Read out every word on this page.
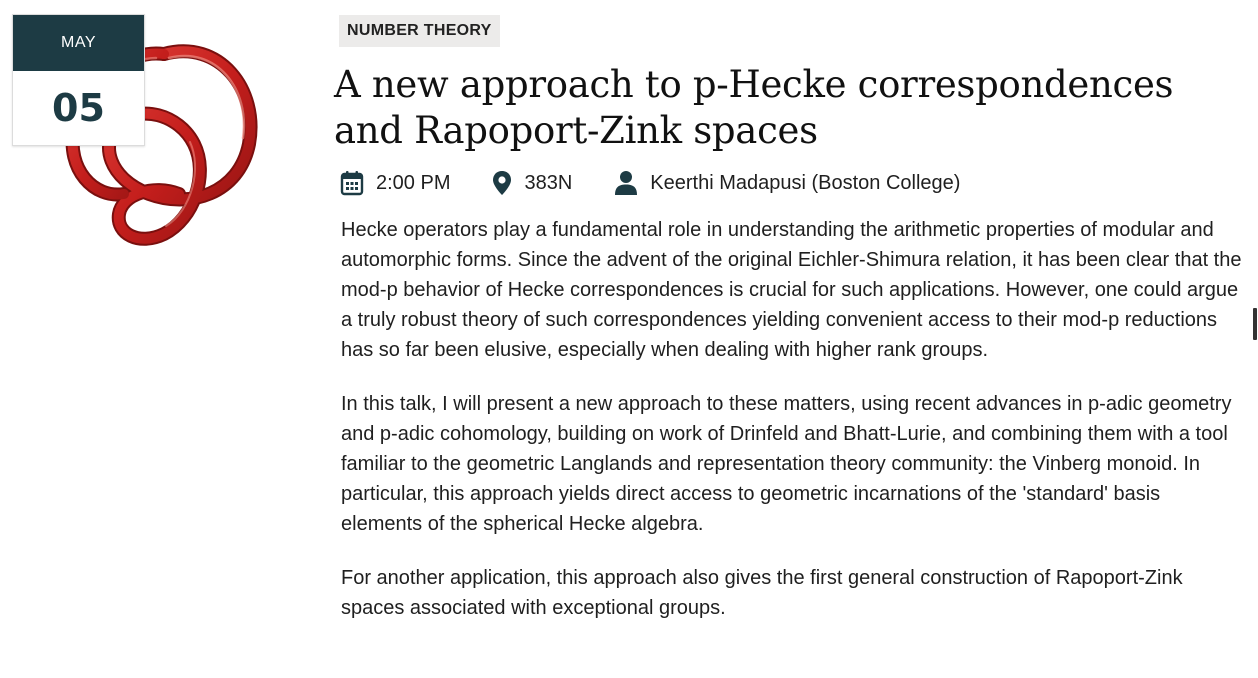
MAY
05
NUMBER THEORY
A new approach to p-Hecke correspondences and Rapoport-Zink spaces
2:00 PM	383N	Keerthi Madapusi (Boston College)

Hecke operators play a fundamental role in understanding the arithmetic properties of modular and automorphic forms. Since the advent of the original Eichler-Shimura relation, it has been clear that the mod-p behavior of Hecke correspondences is crucial for such applications. However, one could argue a truly robust theory of such correspondences yielding convenient access to their mod-p reductions has so far been elusive, especially when dealing with higher rank groups.

In this talk, I will present a new approach to these matters, using recent advances in p-adic geometry and p-adic cohomology, building on work of Drinfeld and Bhatt-Lurie, and combining them with a tool familiar to the geometric Langlands and representation theory community: the Vinberg monoid. In particular, this approach yields direct access to geometric incarnations of the 'standard' basis elements of the spherical Hecke algebra.

For another application, this approach also gives the first general construction of Rapoport-Zink spaces associated with exceptional groups.
